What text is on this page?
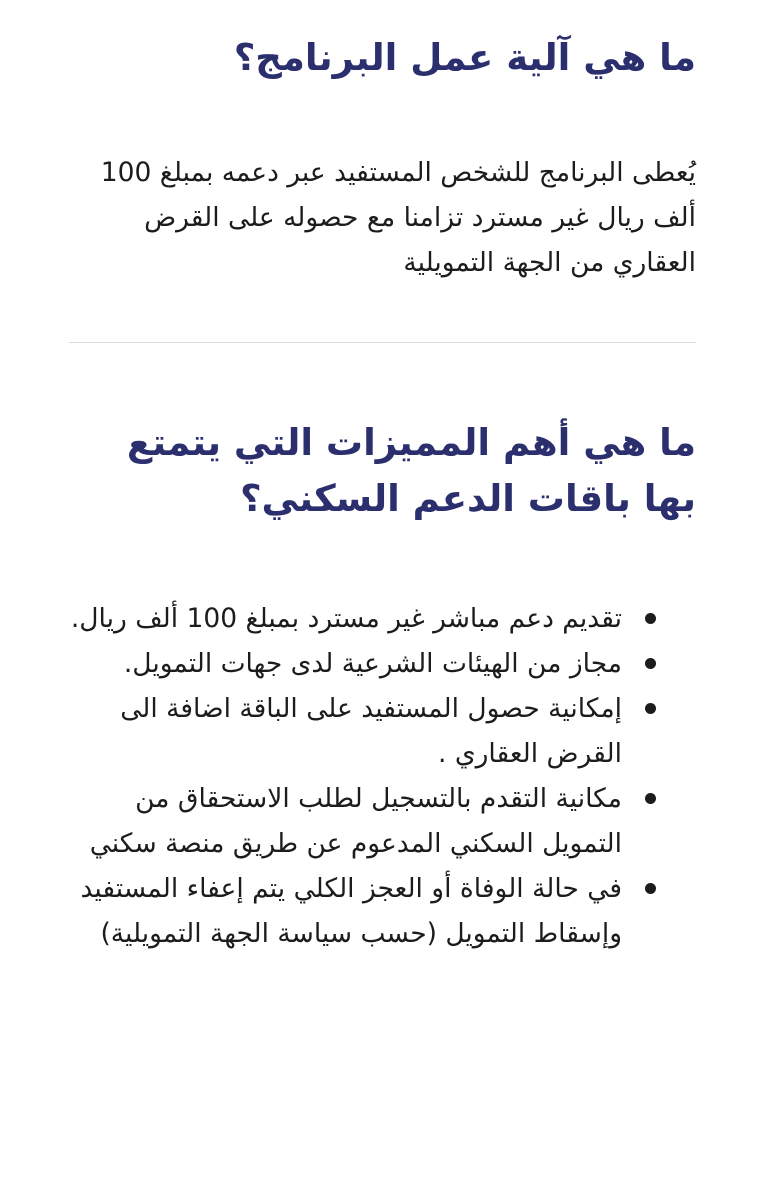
ما هي آلية عمل البرنامج؟

يُعطى البرنامج للشخص المستفيد عبر دعمه بمبلغ 100 ألف ريال غير مسترد تزامنا مع حصوله على القرض العقاري من الجهة التمويلية

ما هي أهم المميزات التي يتمتع بها باقات الدعم السكني؟
تقديم دعم مباشر غير مسترد بمبلغ 100 ألف ريال.
مجاز من الهيئات الشرعية لدى جهات التمويل.
إمكانية حصول المستفيد على الباقة اضافة الى القرض العقاري .
مكانية التقدم بالتسجيل لطلب الاستحقاق من التمويل السكني المدعوم عن طريق منصة سكني
في حالة الوفاة أو العجز الكلي يتم إعفاء المستفيد وإسقاط التمويل (حسب سياسة الجهة التمويلية)
